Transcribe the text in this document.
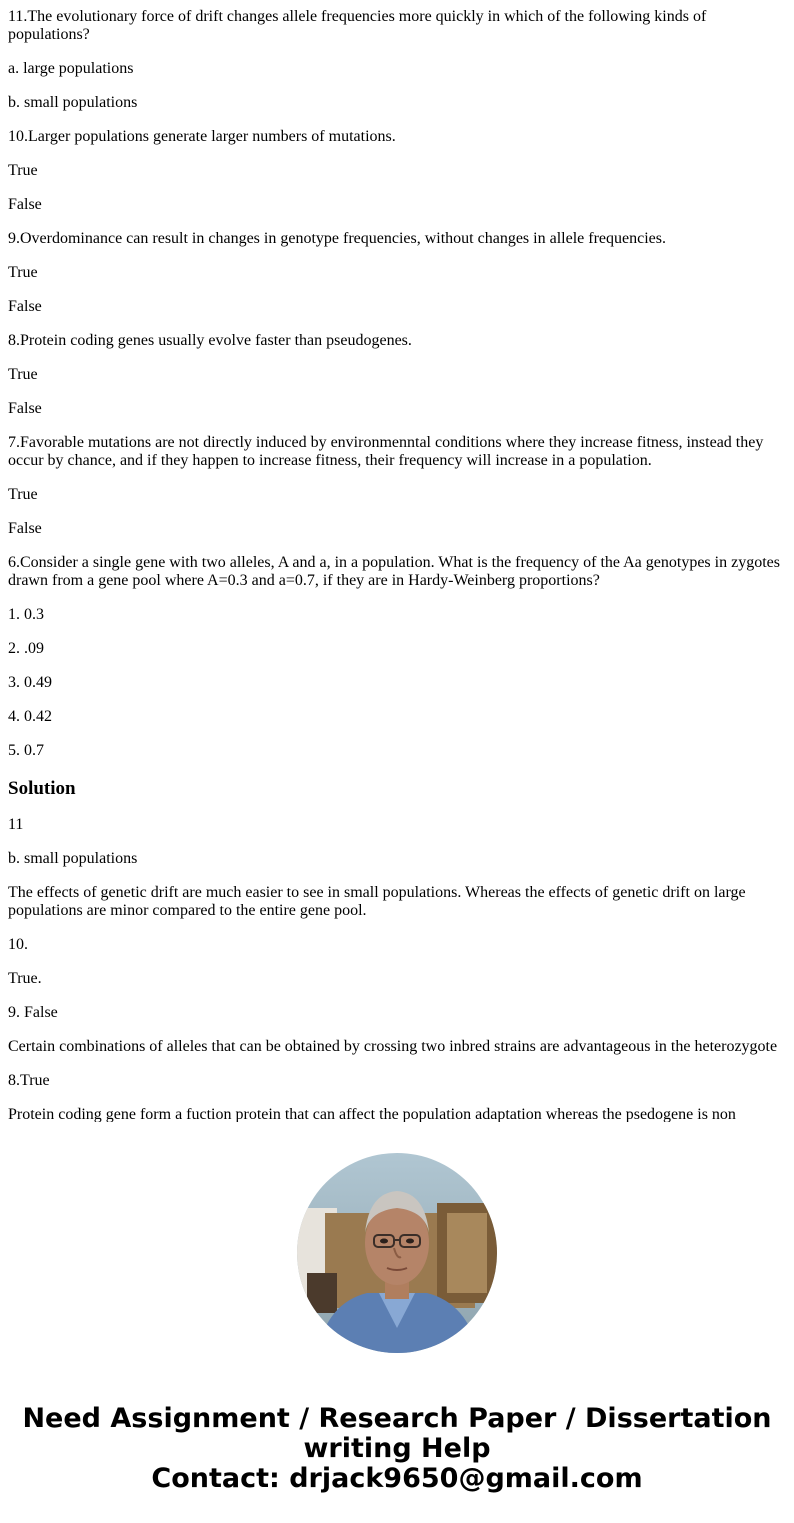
11.The evolutionary force of drift changes allele frequencies more quickly in which of the following kinds of populations?

a. large populations

b. small populations

10.Larger populations generate larger numbers of mutations.

True

False

9.Overdominance can result in changes in genotype frequencies, without changes in allele frequencies.

True

False

8.Protein coding genes usually evolve faster than pseudogenes.

True

False

7.Favorable mutations are not directly induced by environmenntal conditions where they increase fitness, instead they occur by chance, and if they happen to increase fitness, their frequency will increase in a population.

True

False

6.Consider a single gene with two alleles, A and a, in a population. What is the frequency of the Aa genotypes in zygotes drawn from a gene pool where A=0.3 and a=0.7, if they are in Hardy-Weinberg proportions?

1. 0.3

2. .09

3. 0.49

4. 0.42

5. 0.7

Solution

11

b. small populations

The effects of genetic drift are much easier to see in small populations. Whereas the effects of genetic drift on large populations are minor compared to the entire gene pool.

10.

True.

9. False

Certain combinations of alleles that can be obtained by crossing two inbred strains are advantageous in the heterozygote

8.True

Protein coding gene form a fuction protein that can affect the population adaptation whereas the psedogene is non

Need Assignment / Research Paper / Dissertation
writing Help
Contact: drjack9650@gmail.com
